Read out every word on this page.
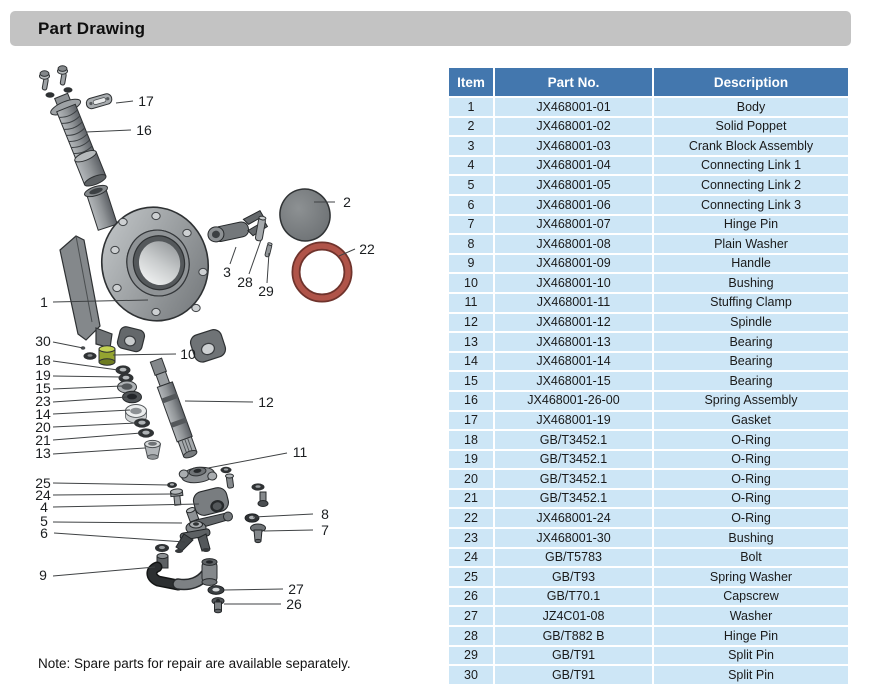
Part Drawing
17
16
2
22
3
28
29
1
30
10
18
19
15
23
14
20
21
13
25
24
4
5
6
9
12
11
8
7
27
26
Item	Part No.	Description
1	JX468001-01	Body
2	JX468001-02	Solid Poppet
3	JX468001-03	Crank Block Assembly
4	JX468001-04	Connecting Link 1
5	JX468001-05	Connecting Link 2
6	JX468001-06	Connecting Link 3
7	JX468001-07	Hinge Pin
8	JX468001-08	Plain Washer
9	JX468001-09	Handle
10	JX468001-10	Bushing
11	JX468001-11	Stuffing Clamp
12	JX468001-12	Spindle
13	JX468001-13	Bearing
14	JX468001-14	Bearing
15	JX468001-15	Bearing
16	JX468001-26-00	Spring Assembly
17	JX468001-19	Gasket
18	GB/T3452.1	O-Ring
19	GB/T3452.1	O-Ring
20	GB/T3452.1	O-Ring
21	GB/T3452.1	O-Ring
22	JX468001-24	O-Ring
23	JX468001-30	Bushing
24	GB/T5783	Bolt
25	GB/T93	Spring Washer
26	GB/T70.1	Capscrew
27	JZ4C01-08	Washer
28	GB/T882 B	Hinge Pin
29	GB/T91	Split Pin
30	GB/T91	Split Pin
Note: Spare parts for repair are available separately.
